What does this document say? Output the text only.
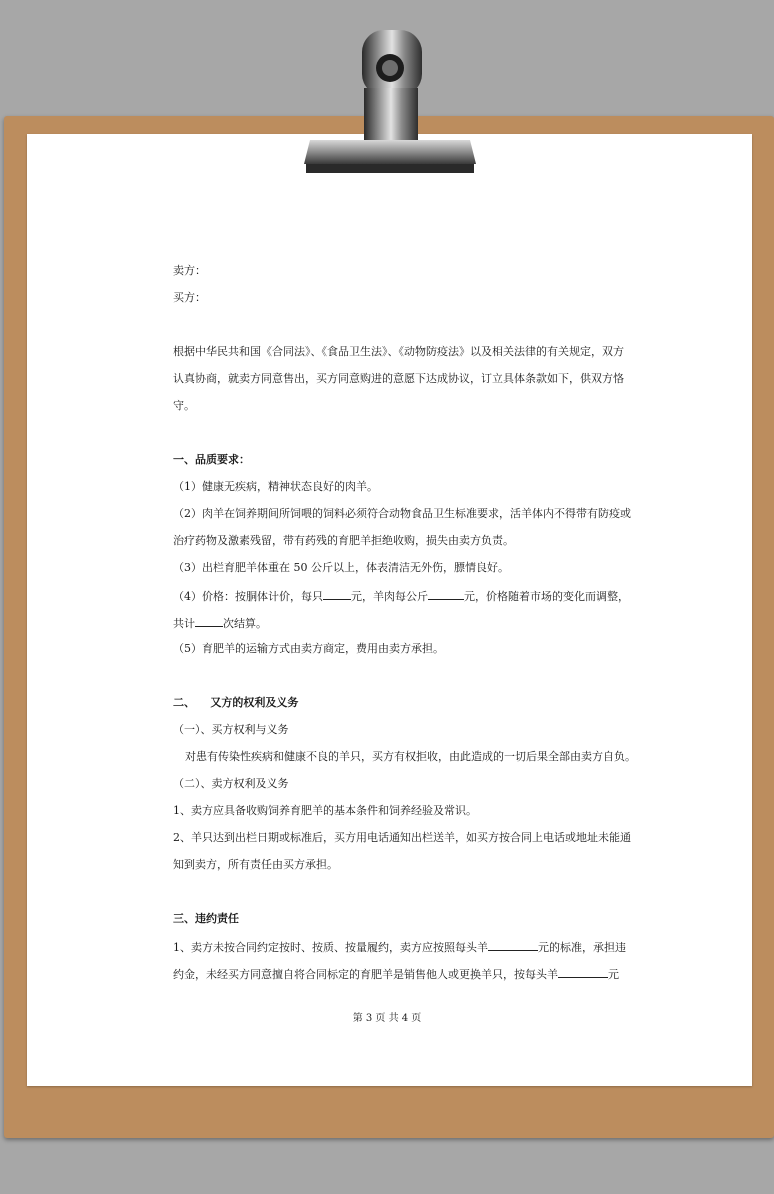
卖方：
买方：
根据中华民共和国《合同法》、《食品卫生法》、《动物防疫法》以及相关法律的有关规定，双方
认真协商，就卖方同意售出，买方同意购进的意愿下达成协议，订立具体条款如下，供双方恪
守。
一、品质要求：
（1）健康无疾病，精神状态良好的肉羊。
（2）肉羊在饲养期间所饲喂的饲料必须符合动物食品卫生标准要求，活羊体内不得带有防疫或
治疗药物及激素残留，带有药残的育肥羊拒绝收购，损失由卖方负责。
（3）出栏育肥羊体重在 50 公斤以上，体表清洁无外伤，膘情良好。
（4）价格：按胴体计价，每只	元，羊肉每公斤	元，价格随着市场的变化而调整，
共计	次结算。
（5）育肥羊的运输方式由卖方商定，费用由卖方承担。
二、    又方的权利及义务
（一）、买方权利与义务
对患有传染性疾病和健康不良的羊只，买方有权拒收，由此造成的一切后果全部由卖方自负。
（二）、卖方权利及义务
1、卖方应具备收购饲养育肥羊的基本条件和饲养经验及常识。
2、羊只达到出栏日期或标准后，买方用电话通知出栏送羊，如买方按合同上电话或地址未能通
知到卖方，所有责任由买方承担。
三、违约责任
1、卖方未按合同约定按时、按质、按量履约，卖方应按照每头羊	元的标准，承担违
约金，未经买方同意擅自将合同标定的育肥羊是销售他人或更换羊只，按每头羊	元
第 3 页 共 4 页
